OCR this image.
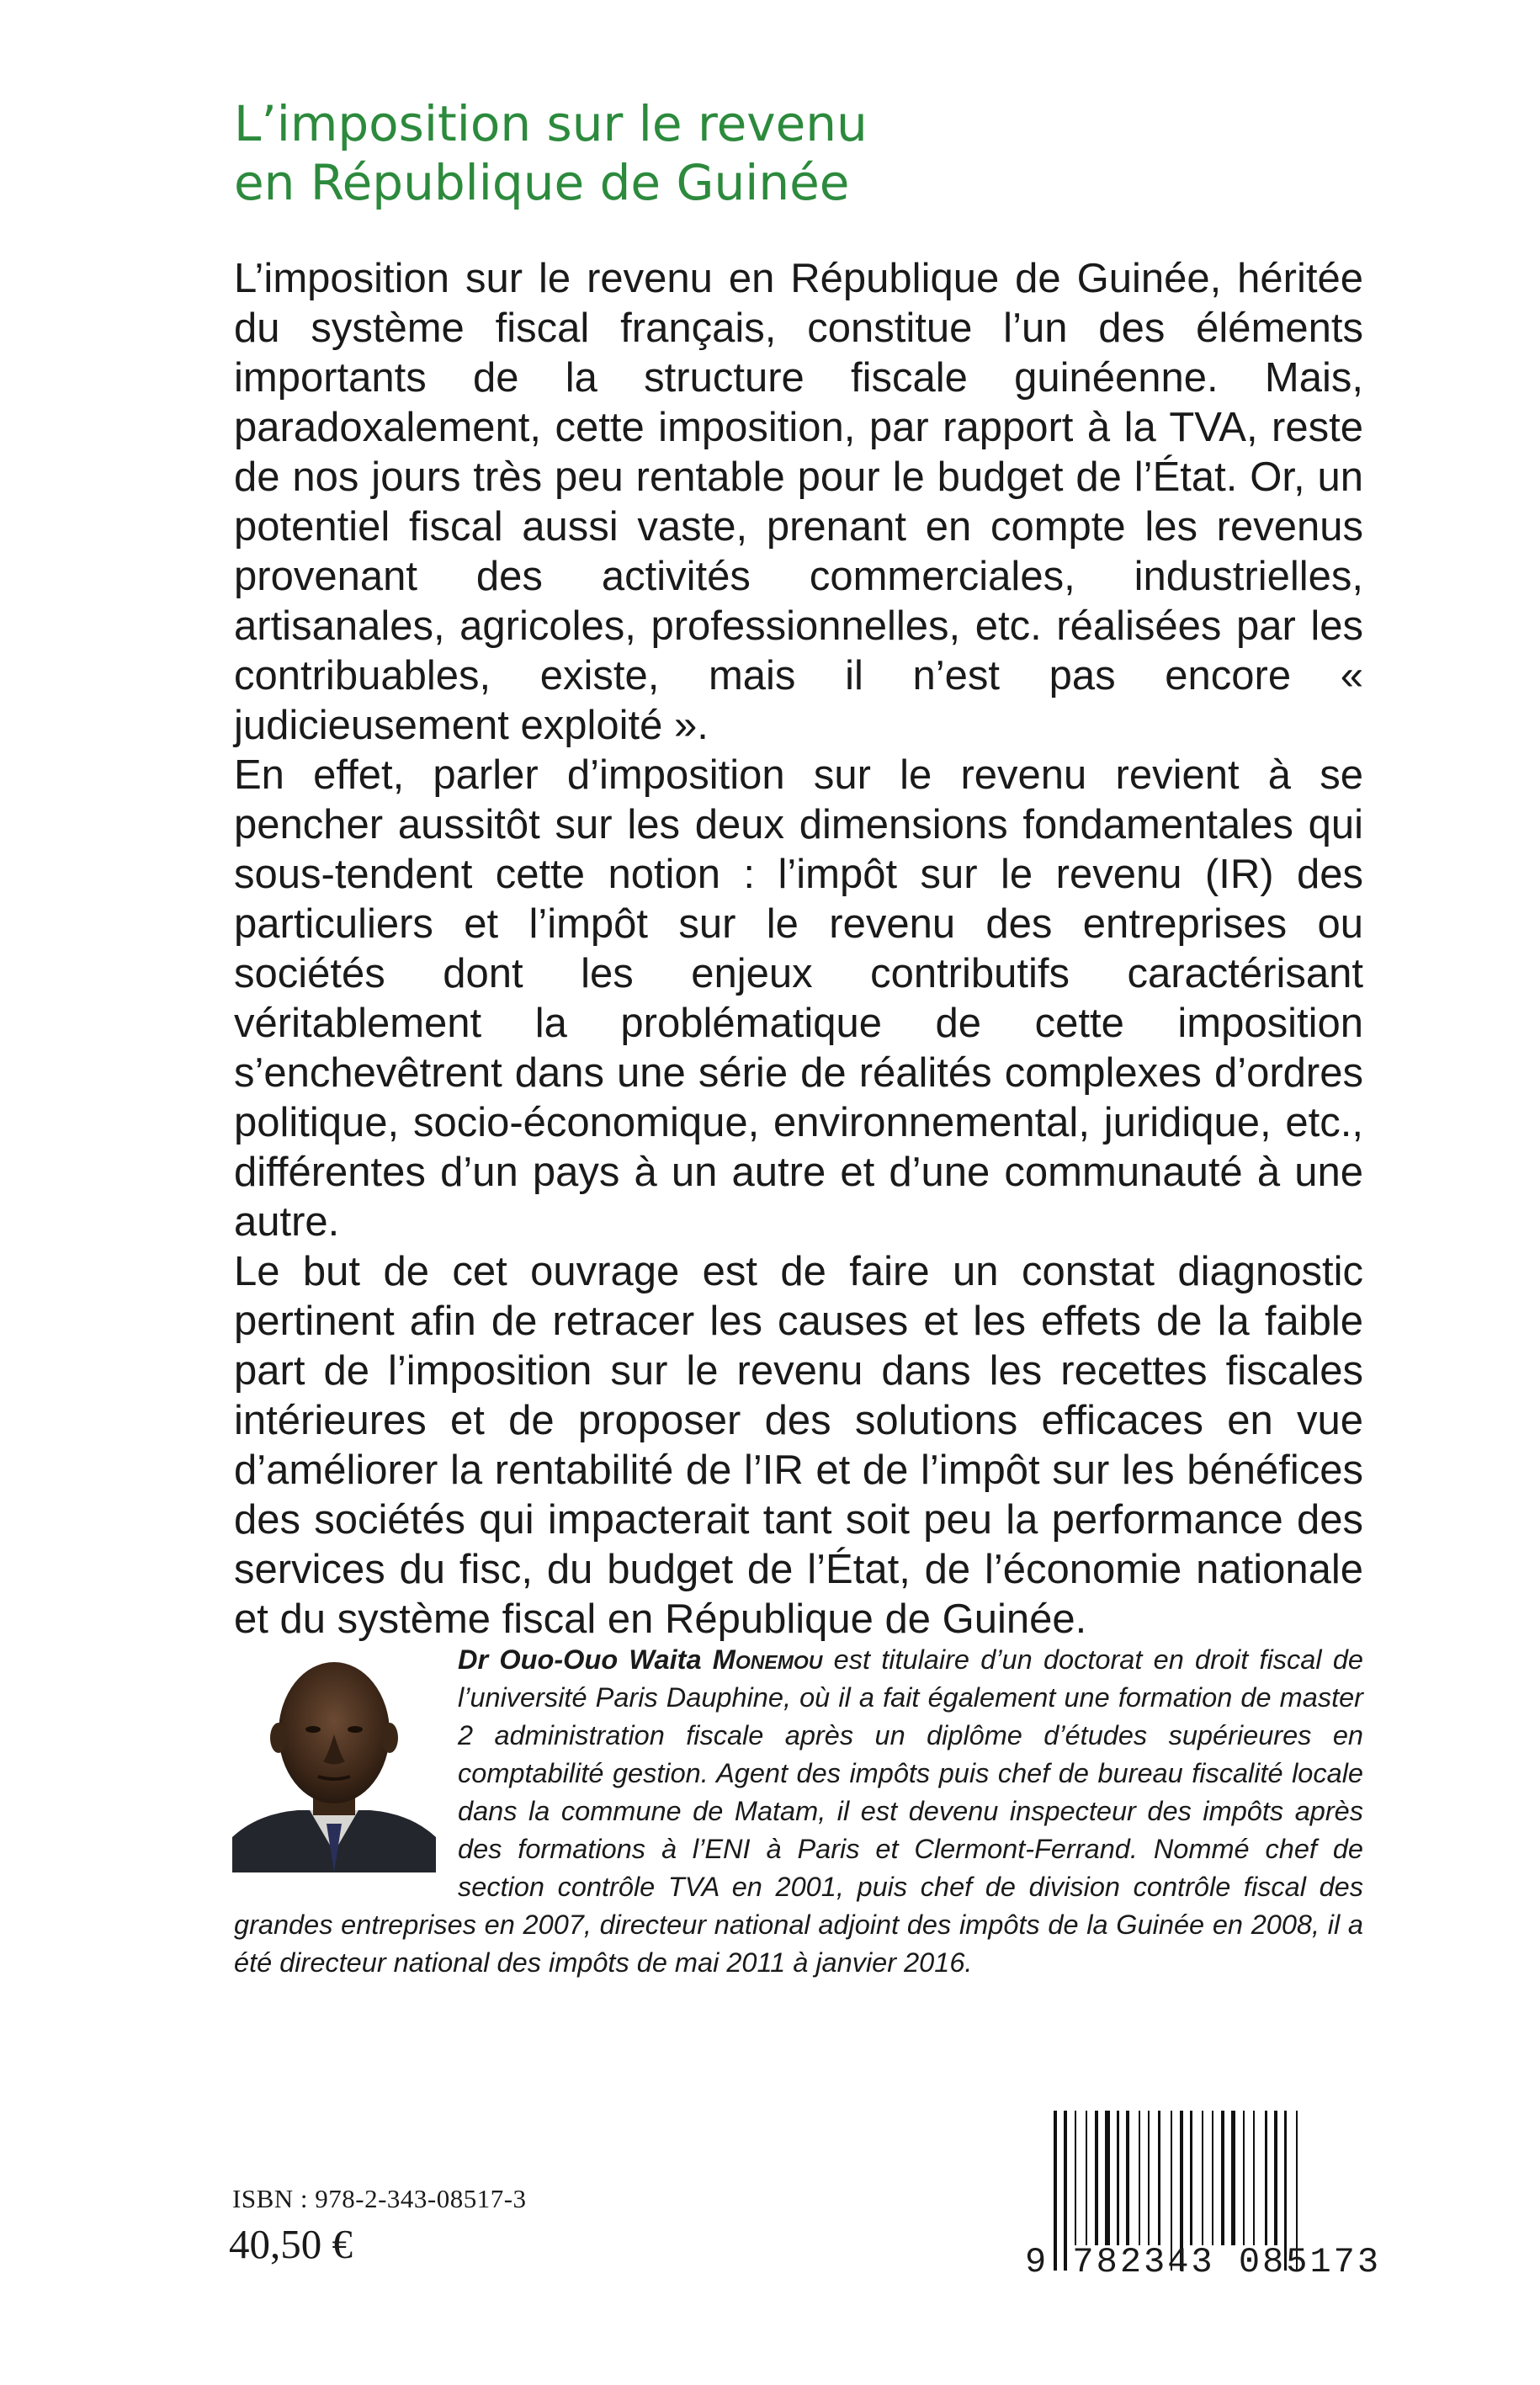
L’imposition sur le revenu
en République de Guinée

L’imposition sur le revenu en République de Guinée, héritée du système fiscal français, constitue l’un des éléments importants de la structure fiscale guinéenne. Mais, paradoxalement, cette imposition, par rapport à la TVA, reste de nos jours très peu rentable pour le budget de l’État. Or, un potentiel fiscal aussi vaste, prenant en compte les revenus provenant des activités commerciales, industrielles, artisanales, agricoles, professionnelles, etc. réalisées par les contribuables, existe, mais il n’est pas encore « judicieusement exploité ».

En effet, parler d’imposition sur le revenu revient à se pencher aussitôt sur les deux dimensions fondamentales qui sous-tendent cette notion : l’impôt sur le revenu (IR) des particuliers et l’impôt sur le revenu des entreprises ou sociétés dont les enjeux contributifs caractérisant véritablement la problématique de cette imposition s’enchevêtrent dans une série de réalités complexes d’ordres politique, socio-économique, environnemental, juridique, etc., différentes d’un pays à un autre et d’une communauté à une autre.

Le but de cet ouvrage est de faire un constat diagnostic pertinent afin de retracer les causes et les effets de la faible part de l’imposition sur le revenu dans les recettes fiscales intérieures et de proposer des solutions efficaces en vue d’améliorer la rentabilité de l’IR et de l’impôt sur les bénéfices des sociétés qui impacterait tant soit peu la performance des services du fisc, du budget de l’État, de l’économie nationale et du système fiscal en République de Guinée.

Dr Ouo-Ouo Waita Monemou est titulaire d’un doctorat en droit fiscal de l’université Paris Dauphine, où il a fait également une formation de master 2 administration fiscale après un diplôme d’études supérieures en comptabilité gestion. Agent des impôts puis chef de bureau fiscalité locale dans la commune de Matam, il est devenu inspecteur des impôts après des formations à l’ENI à Paris et Clermont-Ferrand. Nommé chef de section contrôle TVA en 2001, puis chef de division contrôle fiscal des grandes entreprises en 2007, directeur national adjoint des impôts de la Guinée en 2008, il a été directeur national des impôts de mai 2011 à janvier 2016.

ISBN : 978-2-343-08517-3
40,50 €	9 782343 085173
